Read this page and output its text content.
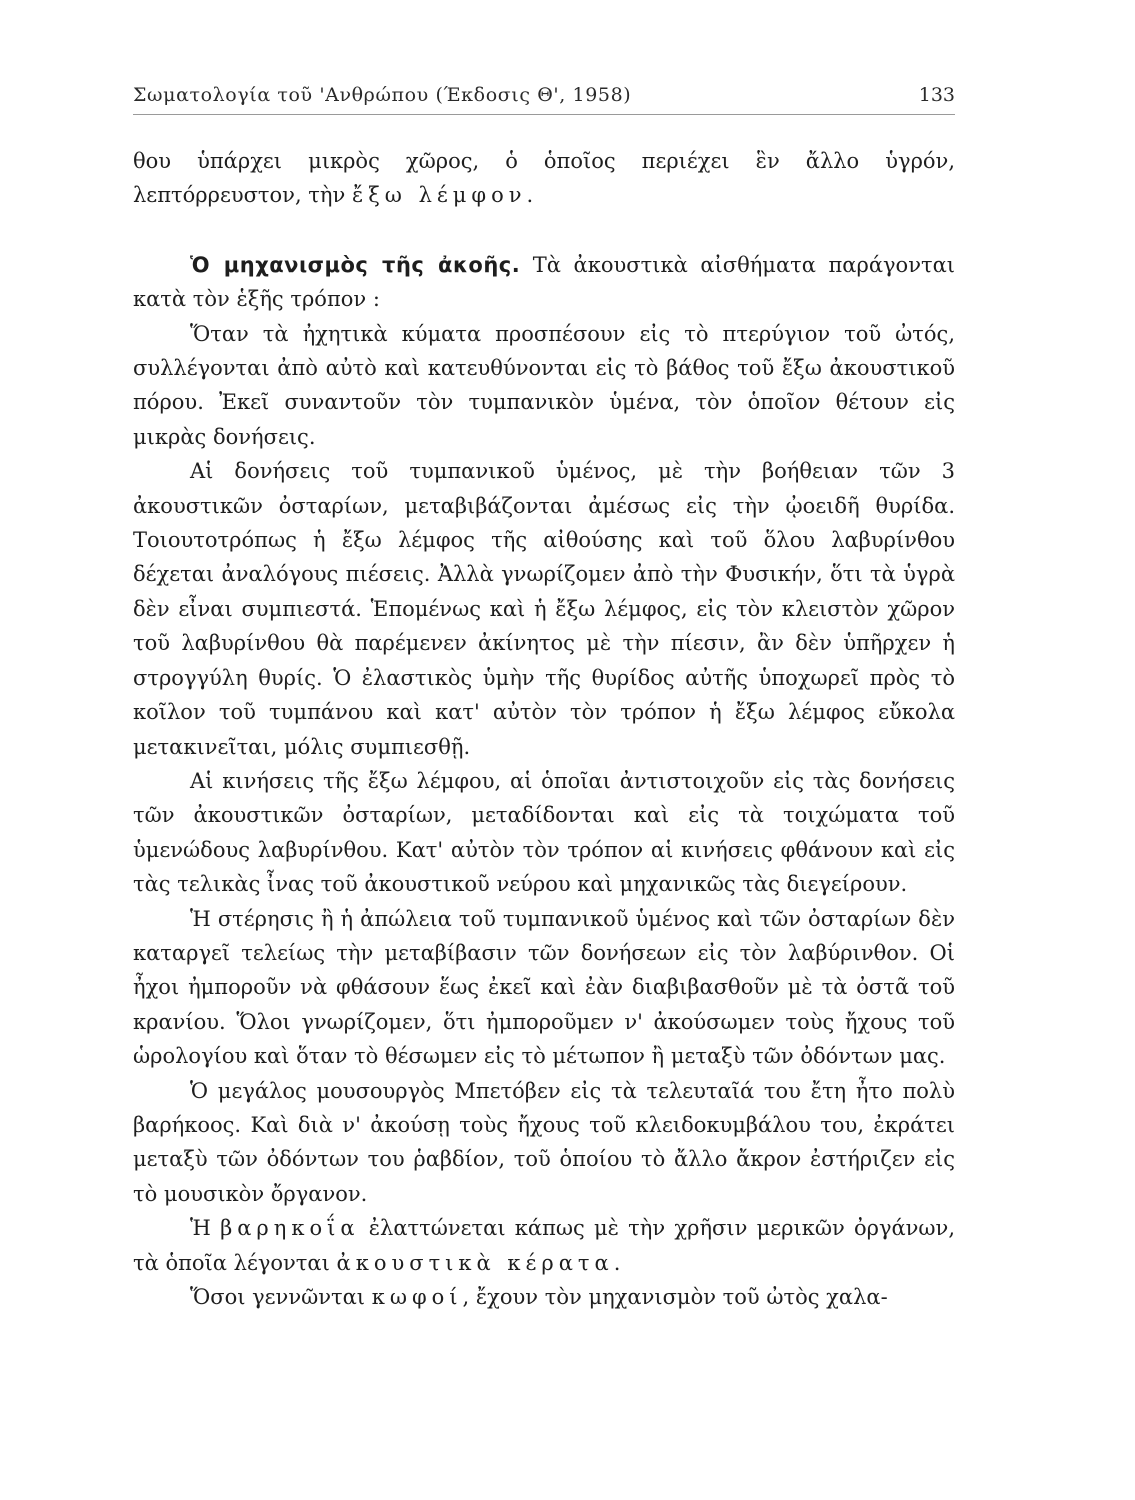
Σωματολογία τοῦ 'Ανθρώπου (Έκδοσις Θ', 1958)	133

θου ὑπάρχει μικρὸς χῶρος, ὁ ὁποῖος περιέχει ἓν ἄλλο ὑγρόν, λεπτόρρευστον, τὴν ἔξω λέμφον.

Ὁ μηχανισμὸς τῆς ἀκοῆς. Τὰ ἀκουστικὰ αἰσθήματα παράγονται κατὰ τὸν ἑξῆς τρόπον :

Ὅταν τὰ ἠχητικὰ κύματα προσπέσουν εἰς τὸ πτερύγιον τοῦ ὠτός, συλλέγονται ἀπὸ αὐτὸ καὶ κατευθύνονται εἰς τὸ βάθος τοῦ ἔξω ἀκουστικοῦ πόρου. Ἐκεῖ συναντοῦν τὸν τυμπανικὸν ὑμένα, τὸν ὁποῖον θέτουν εἰς μικρὰς δονήσεις.

Αἱ δονήσεις τοῦ τυμπανικοῦ ὑμένος, μὲ τὴν βοήθειαν τῶν 3 ἀκουστικῶν ὀσταρίων, μεταβιβάζονται ἀμέσως εἰς τὴν ᾠοειδῆ θυρίδα. Τοιουτοτρόπως ἡ ἔξω λέμφος τῆς αἰθούσης καὶ τοῦ ὅλου λαβυρίνθου δέχεται ἀναλόγους πιέσεις. Ἀλλὰ γνωρίζομεν ἀπὸ τὴν Φυσικήν, ὅτι τὰ ὑγρὰ δὲν εἶναι συμπιεστά. Ἑπομένως καὶ ἡ ἔξω λέμφος, εἰς τὸν κλειστὸν χῶρον τοῦ λαβυρίνθου θὰ παρέμενεν ἀκίνητος μὲ τὴν πίεσιν, ἂν δὲν ὑπῆρχεν ἡ στρογγύλη θυρίς. Ὁ ἐλαστικὸς ὑμὴν τῆς θυρίδος αὐτῆς ὑποχωρεῖ πρὸς τὸ κοῖλον τοῦ τυμπάνου καὶ κατ' αὐτὸν τὸν τρόπον ἡ ἔξω λέμφος εὔκολα μετακινεῖται, μόλις συμπιεσθῇ.

Αἱ κινήσεις τῆς ἔξω λέμφου, αἱ ὁποῖαι ἀντιστοιχοῦν εἰς τὰς δονήσεις τῶν ἀκουστικῶν ὀσταρίων, μεταδίδονται καὶ εἰς τὰ τοιχώματα τοῦ ὑμενώδους λαβυρίνθου. Κατ' αὐτὸν τὸν τρόπον αἱ κινήσεις φθάνουν καὶ εἰς τὰς τελικὰς ἶνας τοῦ ἀκουστικοῦ νεύρου καὶ μηχανικῶς τὰς διεγείρουν.

Ἡ στέρησις ἢ ἡ ἀπώλεια τοῦ τυμπανικοῦ ὑμένος καὶ τῶν ὀσταρίων δὲν καταργεῖ τελείως τὴν μεταβίβασιν τῶν δονήσεων εἰς τὸν λαβύρινθον. Οἱ ἦχοι ἠμποροῦν νὰ φθάσουν ἕως ἐκεῖ καὶ ἐὰν διαβιβασθοῦν μὲ τὰ ὀστᾶ τοῦ κρανίου. Ὅλοι γνωρίζομεν, ὅτι ἠμποροῦμεν ν' ἀκούσωμεν τοὺς ἤχους τοῦ ὡρολογίου καὶ ὅταν τὸ θέσωμεν εἰς τὸ μέτωπον ἢ μεταξὺ τῶν ὀδόντων μας.

Ὁ μεγάλος μουσουργὸς Μπετόβεν εἰς τὰ τελευταῖά του ἔτη ἦτο πολὺ βαρήκοος. Καὶ διὰ ν' ἀκούσῃ τοὺς ἤχους τοῦ κλειδοκυμβάλου του, ἐκράτει μεταξὺ τῶν ὀδόντων του ῥαβδίον, τοῦ ὁποίου τὸ ἄλλο ἄκρον ἐστήριζεν εἰς τὸ μουσικὸν ὄργανον.

Ἡ βαρηκοΐα ἐλαττώνεται κάπως μὲ τὴν χρῆσιν μερικῶν ὀργάνων, τὰ ὁποῖα λέγονται ἀκουστικὰ κέρατα.

Ὅσοι γεννῶνται κωφοί, ἔχουν τὸν μηχανισμὸν τοῦ ὠτὸς χαλα-
